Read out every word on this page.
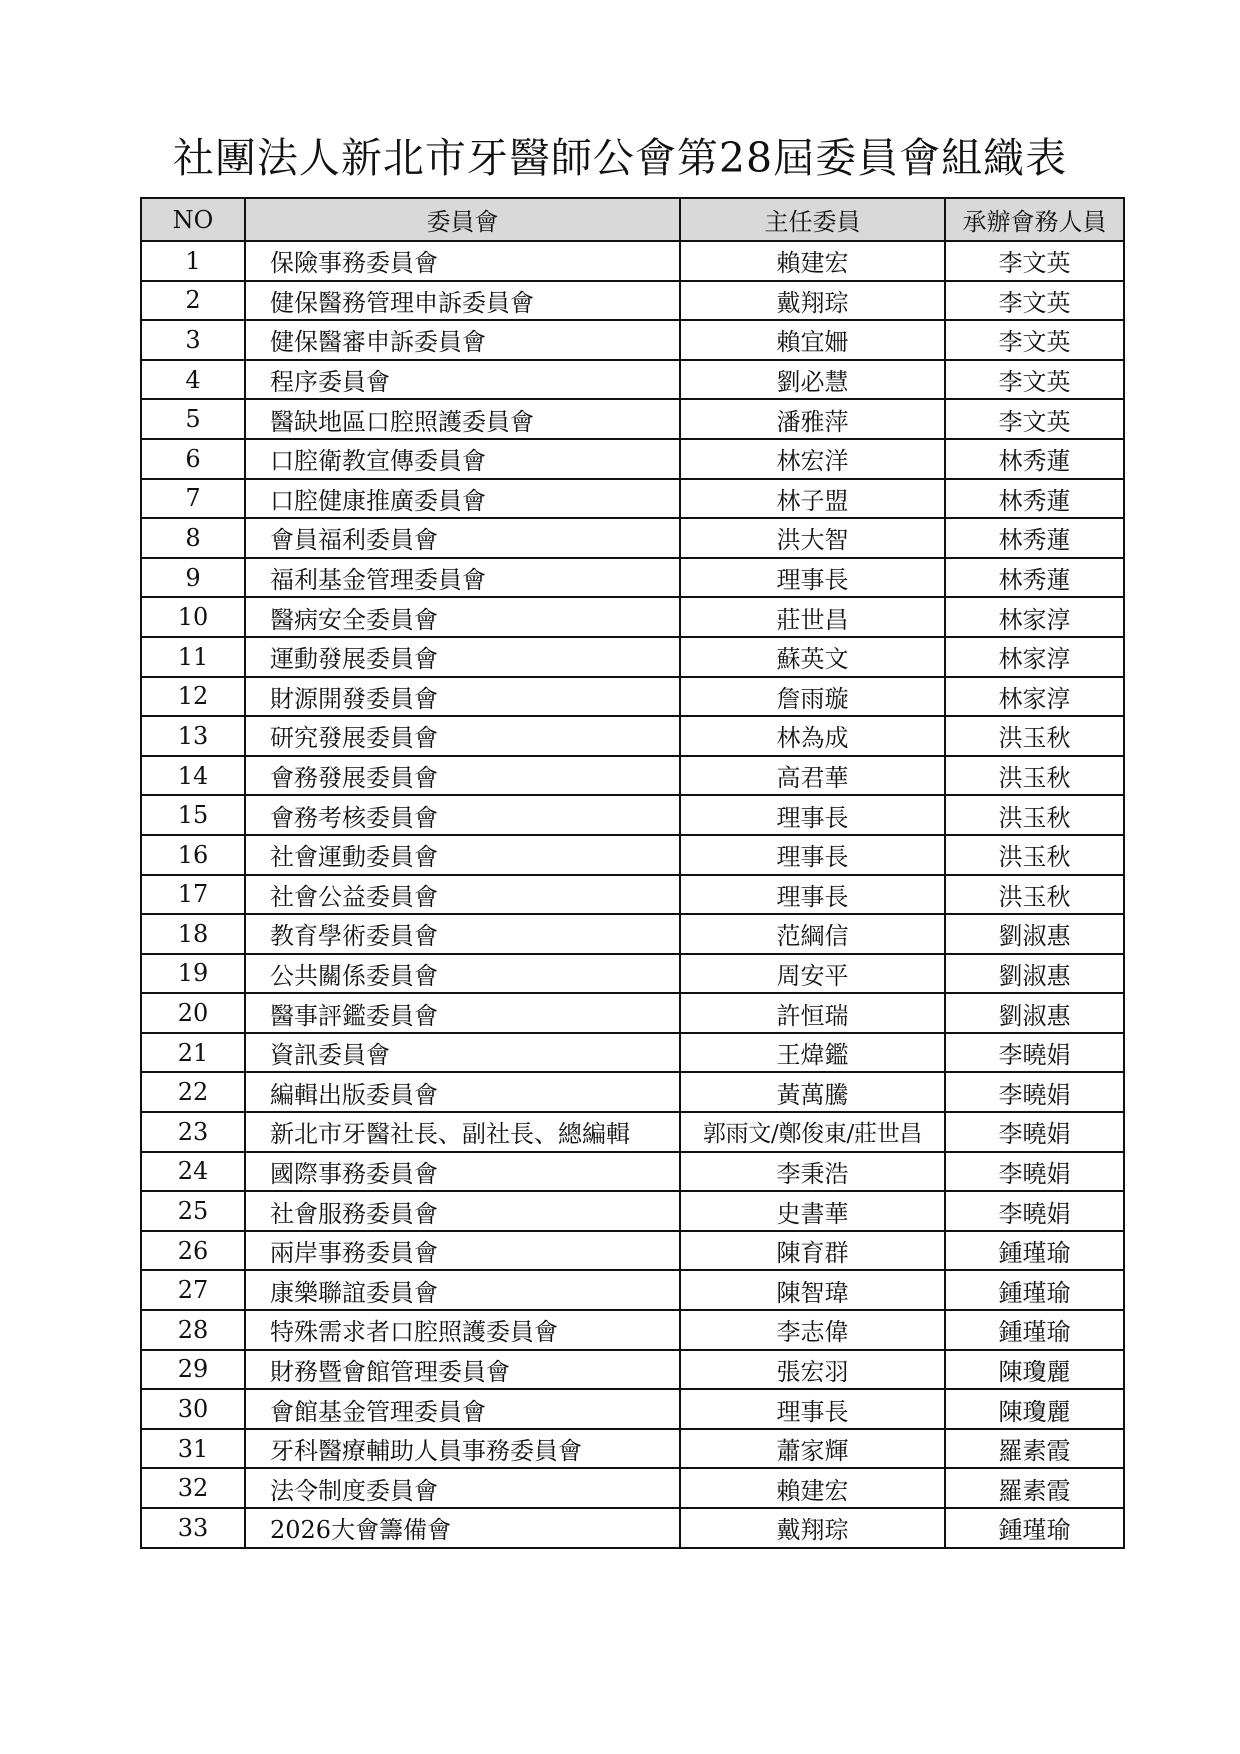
社團法人新北市牙醫師公會第28屆委員會組織表
NO	委員會	主任委員	承辦會務人員
1	保險事務委員會	賴建宏	李文英
2	健保醫務管理申訴委員會	戴翔琮	李文英
3	健保醫審申訴委員會	賴宜姍	李文英
4	程序委員會	劉必慧	李文英
5	醫缺地區口腔照護委員會	潘雅萍	李文英
6	口腔衛教宣傳委員會	林宏洋	林秀蓮
7	口腔健康推廣委員會	林子盟	林秀蓮
8	會員福利委員會	洪大智	林秀蓮
9	福利基金管理委員會	理事長	林秀蓮
10	醫病安全委員會	莊世昌	林家淳
11	運動發展委員會	蘇英文	林家淳
12	財源開發委員會	詹雨璇	林家淳
13	研究發展委員會	林為成	洪玉秋
14	會務發展委員會	高君華	洪玉秋
15	會務考核委員會	理事長	洪玉秋
16	社會運動委員會	理事長	洪玉秋
17	社會公益委員會	理事長	洪玉秋
18	教育學術委員會	范綱信	劉淑惠
19	公共關係委員會	周安平	劉淑惠
20	醫事評鑑委員會	許恒瑞	劉淑惠
21	資訊委員會	王煒鑑	李曉娟
22	編輯出版委員會	黃萬騰	李曉娟
23	新北市牙醫社長、副社長、總編輯	郭雨文/鄭俊東/莊世昌	李曉娟
24	國際事務委員會	李秉浩	李曉娟
25	社會服務委員會	史書華	李曉娟
26	兩岸事務委員會	陳育群	鍾瑾瑜
27	康樂聯誼委員會	陳智瑋	鍾瑾瑜
28	特殊需求者口腔照護委員會	李志偉	鍾瑾瑜
29	財務暨會館管理委員會	張宏羽	陳瓊麗
30	會館基金管理委員會	理事長	陳瓊麗
31	牙科醫療輔助人員事務委員會	蕭家輝	羅素霞
32	法令制度委員會	賴建宏	羅素霞
33	2026大會籌備會	戴翔琮	鍾瑾瑜
